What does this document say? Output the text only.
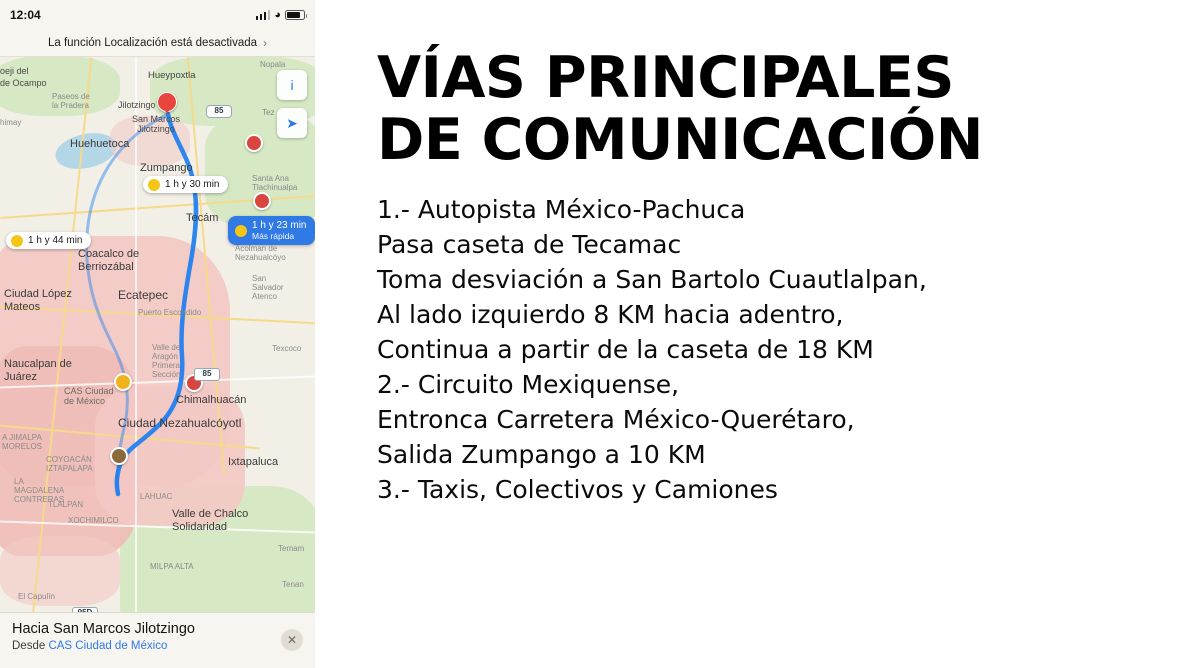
12:04	◕
La función Localización está desactivada ›
i
➤
85
85
1 h y 30 min
1 h y 44 min
1 h y 23 min
Más rápida
oeji del
de Ocampo
Hueypoxtla
Nopala
Paseos de la Pradera	Jilotzingo
San Marcos Jilotzingo
Tez
himay
Huehuetoca
Zumpango
Santa Ana Tlachinualpa
Tecám
Coacalco de Berriozábal
Acolman de Nezahualcóyo
Ecatepec
San Salvador Atenco
Ciudad López Mateos	Puerto Escondido
Texcoco
Naucalpan de Juárez
Valle de Aragón Primera Sección
CAS Ciudad de México	Chimalhuacán
Ciudad Nezahualcóyotl
A JIMALPA MORELOS
COYOACÁN IZTAPALAPA
Ixtapaluca
LA MAGDALENA CONTRERAS
TLALPAN
LAHUAC
XOCHIMILCO
Valle de Chalco Solidaridad
Temam
MILPA ALTA
Tenan
El Capulín
Hacia San Marcos Jilotzingo
Desde CAS Ciudad de México	✕
VÍAS PRINCIPALES
DE COMUNICACIÓN

1.- Autopista México-Pachuca

Pasa caseta de Tecamac

Toma desviación a San Bartolo Cuautlalpan,

Al lado izquierdo 8 KM hacia adentro,

Continua a partir de la caseta de 18 KM

2.- Circuito Mexiquense,

Entronca Carretera México-Querétaro,

Salida Zumpango a 10 KM

3.- Taxis, Colectivos y Camiones
